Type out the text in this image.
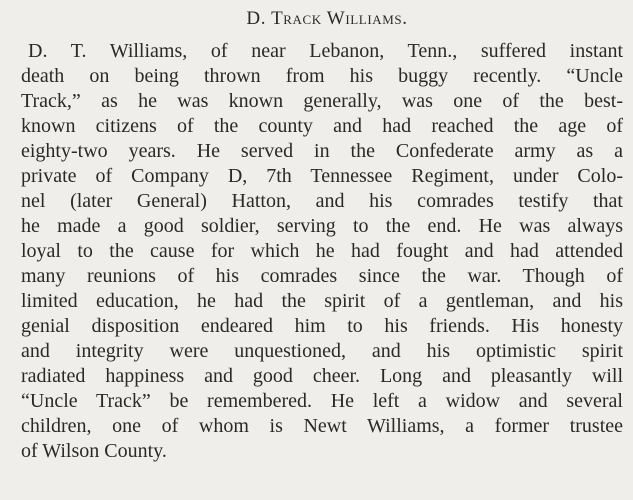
D. Track Williams.
D. T. Williams, of near Lebanon, Tenn., suffered instant
death on being thrown from his buggy recently. “Uncle
Track,” as he was known generally, was one of the best-
known citizens of the county and had reached the age of
eighty-two years. He served in the Confederate army as a
private of Company D, 7th Tennessee Regiment, under Colo-
nel (later General) Hatton, and his comrades testify that
he made a good soldier, serving to the end. He was always
loyal to the cause for which he had fought and had attended
many reunions of his comrades since the war. Though of
limited education, he had the spirit of a gentleman, and his
genial disposition endeared him to his friends. His honesty
and integrity were unquestioned, and his optimistic spirit
radiated happiness and good cheer. Long and pleasantly will
“Uncle Track” be remembered. He left a widow and several
children, one of whom is Newt Williams, a former trustee
of Wilson County.
